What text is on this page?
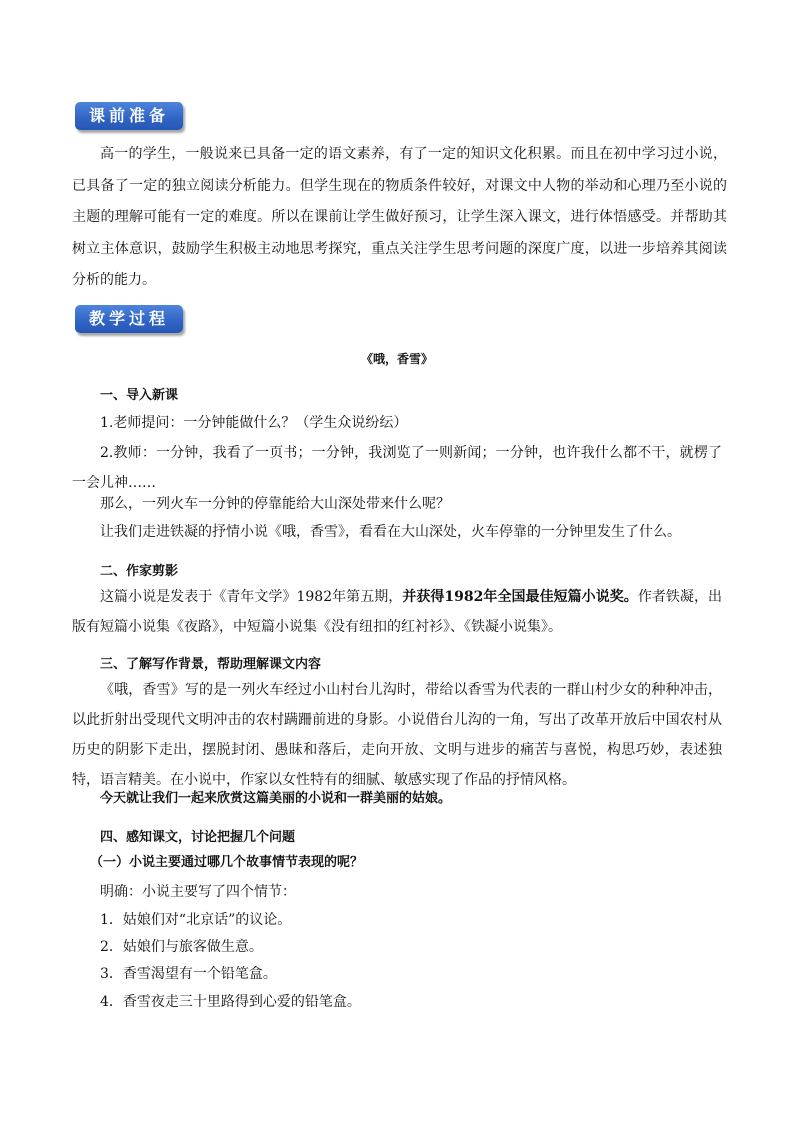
课前准备

高一的学生，一般说来已具备一定的语文素养，有了一定的知识文化积累。而且在初中学习过小说，已具备了一定的独立阅读分析能力。但学生现在的物质条件较好，对课文中人物的举动和心理乃至小说的主题的理解可能有一定的难度。所以在课前让学生做好预习，让学生深入课文，进行体悟感受。并帮助其树立主体意识，鼓励学生积极主动地思考探究，重点关注学生思考问题的深度广度，以进一步培养其阅读分析的能力。

教学过程
《哦，香雪》
一、导入新课
1.老师提问：一分钟能做什么？（学生众说纷纭）

2.教师：一分钟，我看了一页书；一分钟，我浏览了一则新闻；一分钟，也许我什么都不干，就楞了一会儿神……

那么，一列火车一分钟的停靠能给大山深处带来什么呢？
让我们走进铁凝的抒情小说《哦，香雪》，看看在大山深处，火车停靠的一分钟里发生了什么。
二、作家剪影

这篇小说是发表于《青年文学》1982年第五期，并获得1982年全国最佳短篇小说奖。作者铁凝，出版有短篇小说集《夜路》，中短篇小说集《没有纽扣的红衬衫》、《铁凝小说集》。

三、了解写作背景，帮助理解课文内容

《哦，香雪》写的是一列火车经过小山村台儿沟时，带给以香雪为代表的一群山村少女的种种冲击，以此折射出受现代文明冲击的农村蹒跚前进的身影。小说借台儿沟的一角，写出了改革开放后中国农村从历史的阴影下走出，摆脱封闭、愚昧和落后，走向开放、文明与进步的痛苦与喜悦，构思巧妙，表述独特，语言精美。在小说中，作家以女性特有的细腻、敏感实现了作品的抒情风格。

今天就让我们一起来欣赏这篇美丽的小说和一群美丽的姑娘。
四、感知课文，讨论把握几个问题
（一）小说主要通过哪几个故事情节表现的呢？
明确：小说主要写了四个情节：
1．姑娘们对“北京话”的议论。
2．姑娘们与旅客做生意。
3．香雪渴望有一个铅笔盒。
4．香雪夜走三十里路得到心爱的铅笔盒。
